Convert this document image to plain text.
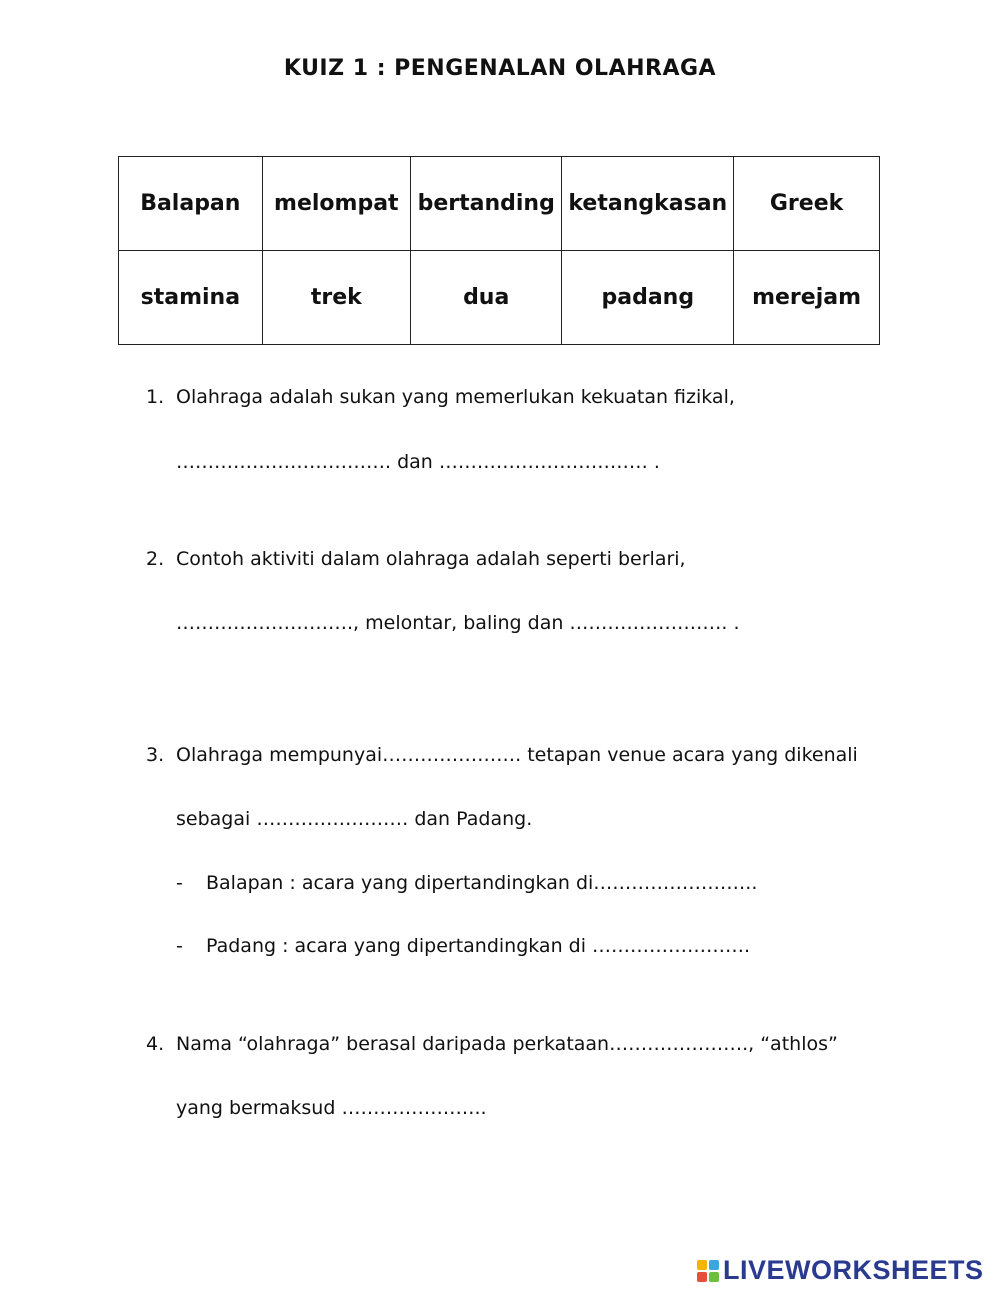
KUIZ 1 : PENGENALAN OLAHRAGA
Balapan	melompat	bertanding	ketangkasan	Greek
stamina	trek	dua	padang	merejam
1. Olahraga adalah sukan yang memerlukan kekuatan fizikal,
……………………………. dan …………………………… .
2. Contoh aktiviti dalam olahraga adalah seperti berlari,
………………………., melontar, baling dan ……………………. .
3. Olahraga mempunyai…………………. tetapan venue acara yang dikenali
sebagai …………………… dan Padang.
- Balapan : acara yang dipertandingkan di……………………..
- Padang : acara yang dipertandingkan di …………………….
4. Nama “olahraga” berasal daripada perkataan…………………., “athlos”
yang bermaksud …………………..
LIVEWORKSHEETS
